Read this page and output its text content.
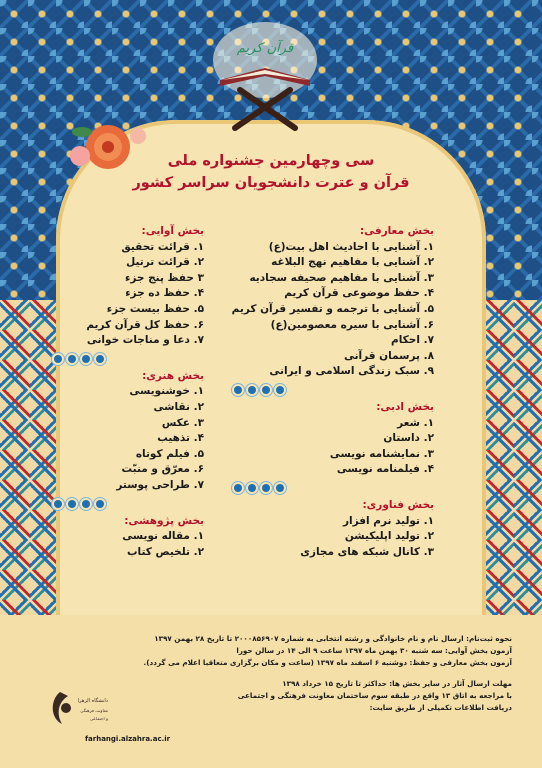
قرآن کریم
سی وچهارمین جشنواره ملی
قرآن و عترت دانشجویان سراسر کشور
بخش معارفی:
۱. آشنایی با احادیث اهل بیت(ع)
۲. آشنایی با مفاهیم نهج البلاغه
۳. آشنایی با مفاهیم صحیفه سجادیه
۴. حفظ موضوعی قرآن کریم
۵. آشنایی با ترجمه و تفسیر قرآن کریم
۶. آشنایی با سیره معصومین(ع)
۷. احکام
۸. پرسمان قرآنی
۹. سبک زندگی اسلامی و ایرانی
بخش ادبی:
۱. شعر
۲. داستان
۳. نمایشنامه نویسی
۴. فیلمنامه نویسی
بخش فناوری:
۱. تولید نرم افزار
۲. تولید اپلیکیشن
۳. کانال شبکه های مجازی
بخش آوایی:
۱. قرائت تحقیق
۲. قرائت ترتیل
۳ حفظ پنج جزء
۴. حفظ ده جزء
۵. حفظ بیست جزء
۶. حفظ کل قرآن کریم
۷. دعا و مناجات خوانی
بخش هنری:
۱. خوشنویسی
۲. نقاشی
۳. عکس
۴. تذهیب
۵. فیلم کوتاه
۶. معرّق و منبّت
۷. طراحی پوستر
بخش پژوهشی:
۱. مقاله نویسی
۲. تلخیص کتاب
نحوه ثبت‌نام: ارسال نام و نام خانوادگی و رشته انتخابی به شماره ۲۰۰۰۸۵۶۹۰۷ تا تاریخ ۲۸ بهمن ۱۳۹۷
آزمون بخش آوایی: سه شنبه ۳۰ بهمن ماه ۱۳۹۷ ساعت ۹ الی ۱۴ در سالن حورا
آزمون بخش معارفی و حفظ: دوشنبه ۶ اسفند ماه ۱۳۹۷ (ساعت و مکان برگزاری متعاقبا اعلام می گردد).
مهلت ارسال آثار در سایر بخش ها: حداکثر تا تاریخ ۱۵ خرداد ۱۳۹۸
با مراجعه به اتاق ۱۳ واقع در طبقه سوم ساختمان معاونت فرهنگی و اجتماعی
دریافت اطلاعات تکمیلی از طریق سایت:
farhangi.alzahra.ac.ir
دانشگاه الزهرا
معاونت فرهنگی
و اجتماعی
